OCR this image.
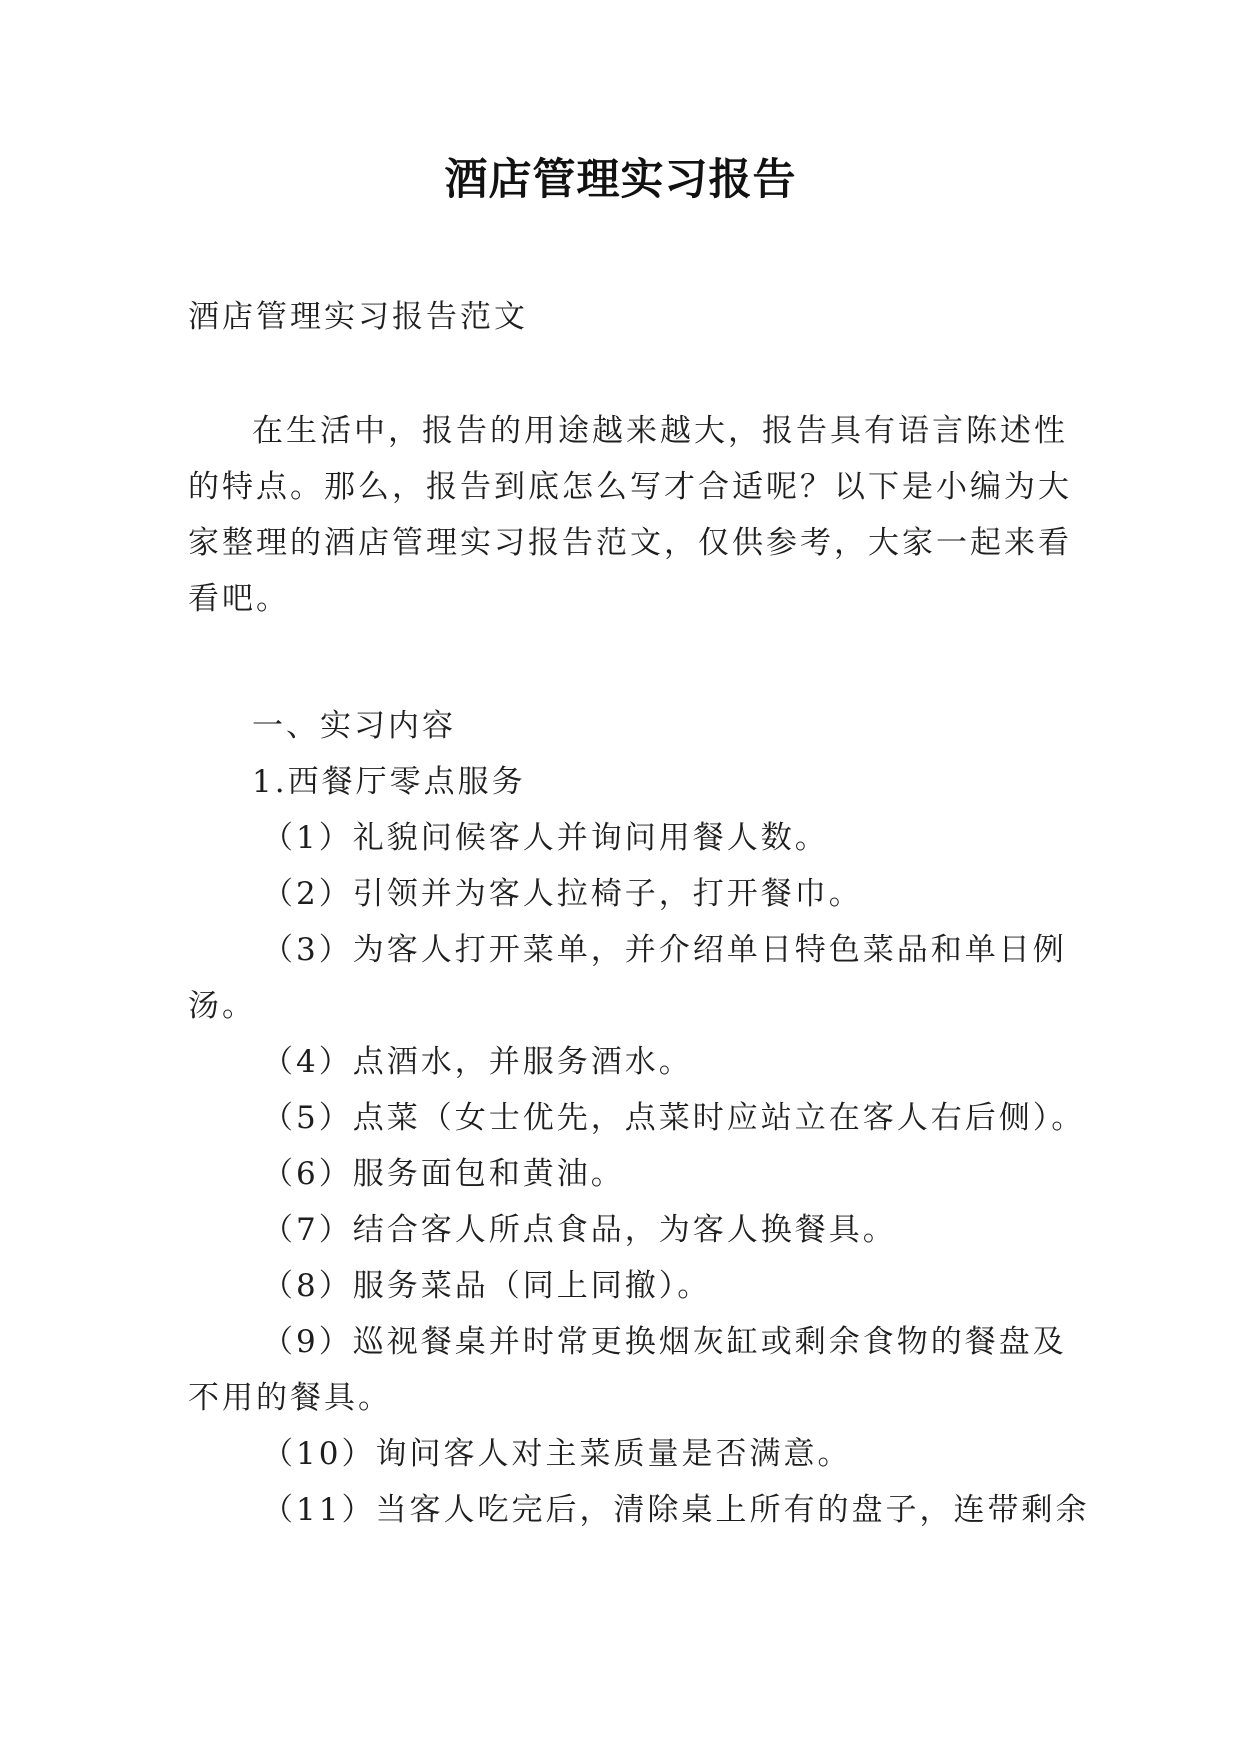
酒店管理实习报告
酒店管理实习报告范文
在生活中，报告的用途越来越大，报告具有语言陈述性
的特点。那么，报告到底怎么写才合适呢？以下是小编为大
家整理的酒店管理实习报告范文，仅供参考，大家一起来看
看吧。
一、实习内容
1.西餐厅零点服务
（1）礼貌问候客人并询问用餐人数。
（2）引领并为客人拉椅子，打开餐巾。
（3）为客人打开菜单，并介绍单日特色菜品和单日例
汤。
（4）点酒水，并服务酒水。
（5）点菜（女士优先，点菜时应站立在客人右后侧）。
（6）服务面包和黄油。
（7）结合客人所点食品，为客人换餐具。
（8）服务菜品（同上同撤）。
（9）巡视餐桌并时常更换烟灰缸或剩余食物的餐盘及
不用的餐具。
（10）询问客人对主菜质量是否满意。
（11）当客人吃完后，清除桌上所有的盘子，连带剩余
